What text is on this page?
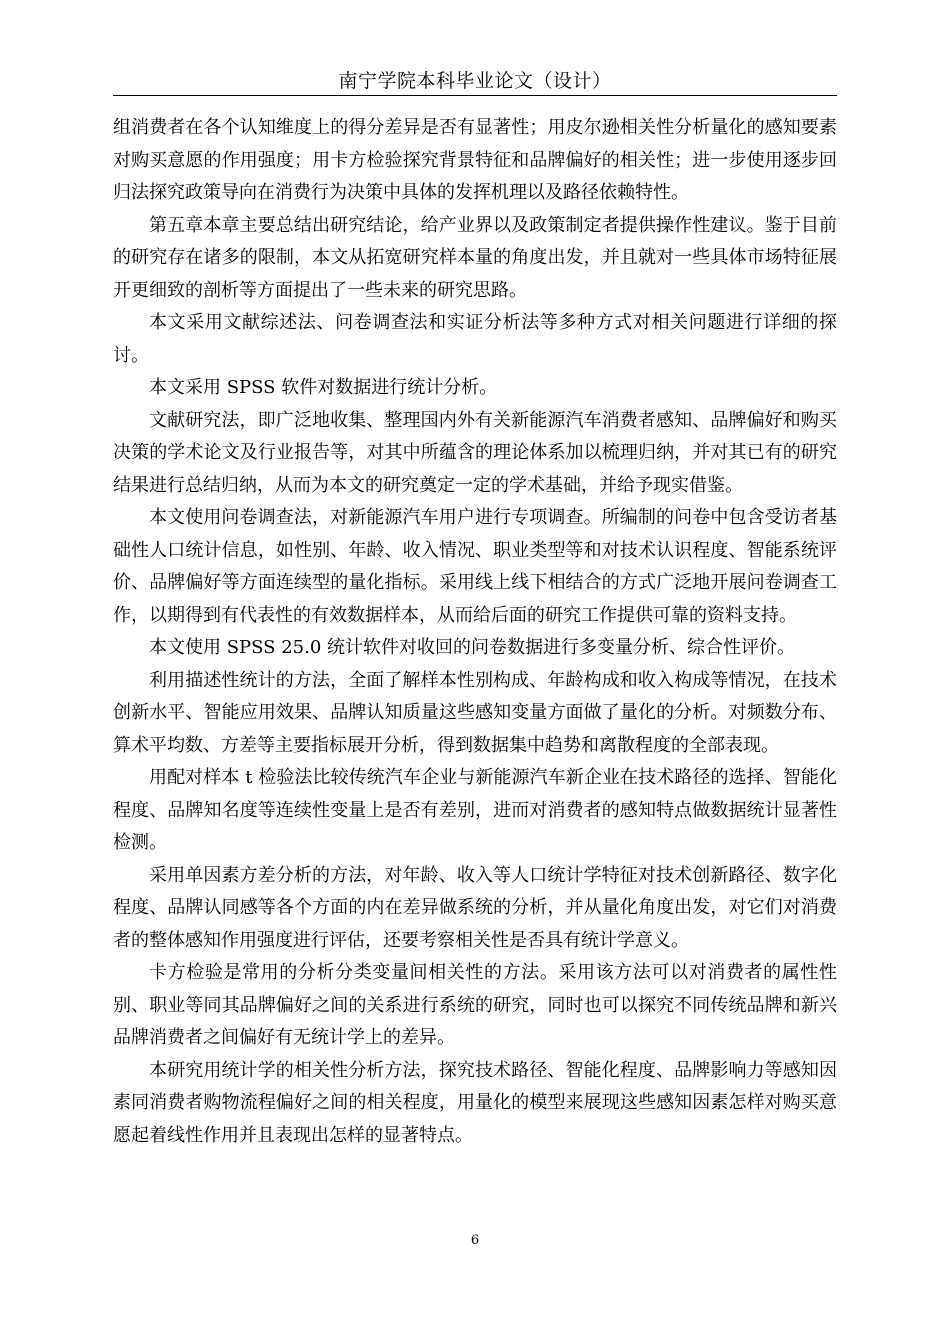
南宁学院本科毕业论文（设计）

组消费者在各个认知维度上的得分差异是否有显著性；用皮尔逊相关性分析量化的感知要素对购买意愿的作用强度；用卡方检验探究背景特征和品牌偏好的相关性；进一步使用逐步回归法探究政策导向在消费行为决策中具体的发挥机理以及路径依赖特性。

第五章本章主要总结出研究结论，给产业界以及政策制定者提供操作性建议。鉴于目前的研究存在诸多的限制，本文从拓宽研究样本量的角度出发，并且就对一些具体市场特征展开更细致的剖析等方面提出了一些未来的研究思路。

本文采用文献综述法、问卷调查法和实证分析法等多种方式对相关问题进行详细的探讨。

本文采用 SPSS 软件对数据进行统计分析。

文献研究法，即广泛地收集、整理国内外有关新能源汽车消费者感知、品牌偏好和购买决策的学术论文及行业报告等，对其中所蕴含的理论体系加以梳理归纳，并对其已有的研究结果进行总结归纳，从而为本文的研究奠定一定的学术基础，并给予现实借鉴。

本文使用问卷调查法，对新能源汽车用户进行专项调查。所编制的问卷中包含受访者基础性人口统计信息，如性别、年龄、收入情况、职业类型等和对技术认识程度、智能系统评价、品牌偏好等方面连续型的量化指标。采用线上线下相结合的方式广泛地开展问卷调查工作，以期得到有代表性的有效数据样本，从而给后面的研究工作提供可靠的资料支持。

本文使用 SPSS 25.0 统计软件对收回的问卷数据进行多变量分析、综合性评价。

利用描述性统计的方法，全面了解样本性别构成、年龄构成和收入构成等情况，在技术创新水平、智能应用效果、品牌认知质量这些感知变量方面做了量化的分析。对频数分布、算术平均数、方差等主要指标展开分析，得到数据集中趋势和离散程度的全部表现。

用配对样本 t 检验法比较传统汽车企业与新能源汽车新企业在技术路径的选择、智能化程度、品牌知名度等连续性变量上是否有差别，进而对消费者的感知特点做数据统计显著性检测。

采用单因素方差分析的方法，对年龄、收入等人口统计学特征对技术创新路径、数字化程度、品牌认同感等各个方面的内在差异做系统的分析，并从量化角度出发，对它们对消费者的整体感知作用强度进行评估，还要考察相关性是否具有统计学意义。

卡方检验是常用的分析分类变量间相关性的方法。采用该方法可以对消费者的属性性别、职业等同其品牌偏好之间的关系进行系统的研究，同时也可以探究不同传统品牌和新兴品牌消费者之间偏好有无统计学上的差异。

本研究用统计学的相关性分析方法，探究技术路径、智能化程度、品牌影响力等感知因素同消费者购物流程偏好之间的相关程度，用量化的模型来展现这些感知因素怎样对购买意愿起着线性作用并且表现出怎样的显著特点。

6
